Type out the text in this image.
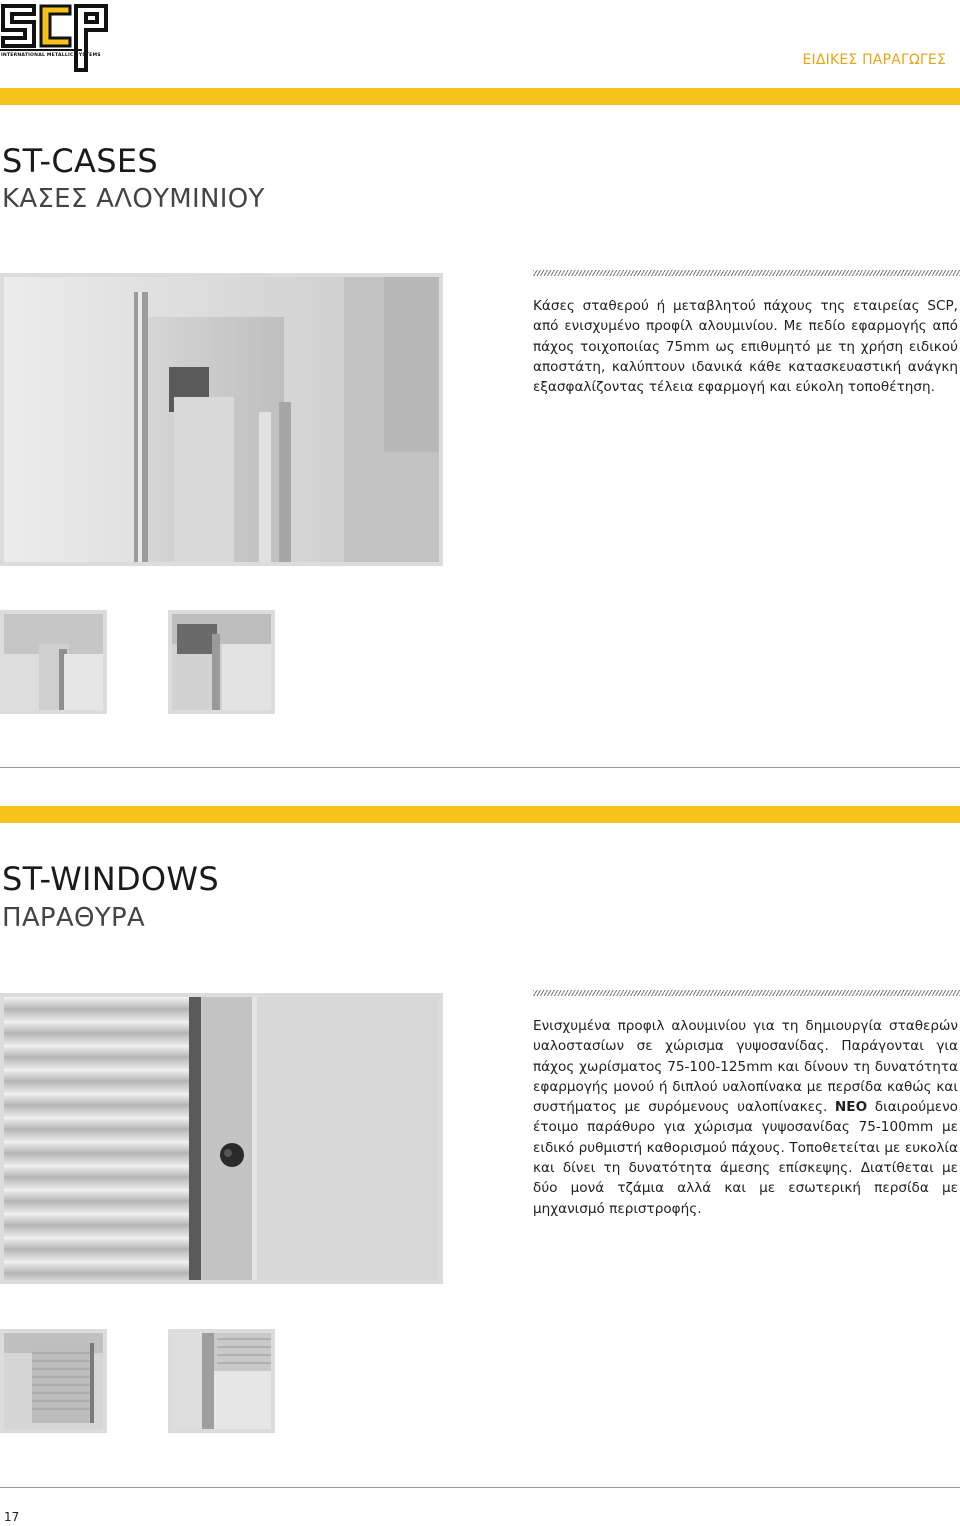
INTERNATIONAL METALLIC SYSTEMS	ΕΙΔΙΚΕΣ ΠΑΡΑΓΩΓΕΣ
ST-CASES
ΚΑΣΕΣ ΑΛΟΥΜΙΝΙΟΥ
Κάσες σταθερού ή μεταβλητού πάχους της εταιρείας SCP, από ενισχυμένο προφίλ αλουμινίου. Με πεδίο εφαρμογής από πάχος τοιχοποιίας 75mm ως επιθυμητό με τη χρήση ειδικού αποστάτη, καλύπτουν ιδανικά κάθε κατασκευαστική ανάγκη εξασφαλίζοντας τέλεια εφαρμογή και εύκολη τοποθέτηση.
ST-WINDOWS
ΠΑΡΑΘΥΡΑ
Ενισχυμένα προφιλ αλουμινίου για τη δημιουργία σταθερών υαλοστασίων σε χώρισμα γυψοσανίδας. Παράγονται για πάχος χωρίσματος 75-100-125mm και δίνουν τη δυνατότητα εφαρμογής μονού ή διπλού υαλοπίνακα με περσίδα καθώς και συστήματος με συρόμενους υαλοπίνακες. ΝΕΟ διαιρούμενο έτοιμο παράθυρο για χώρισμα γυψοσανίδας 75-100mm με ειδικό ρυθμιστή καθορισμού πάχους. Τοποθετείται με ευκολία και δίνει τη δυνατότητα άμεσης επίσκεψης. Διατίθεται με δύο μονά τζάμια αλλά και με εσωτερική περσίδα με μηχανισμό περιστροφής.
17
